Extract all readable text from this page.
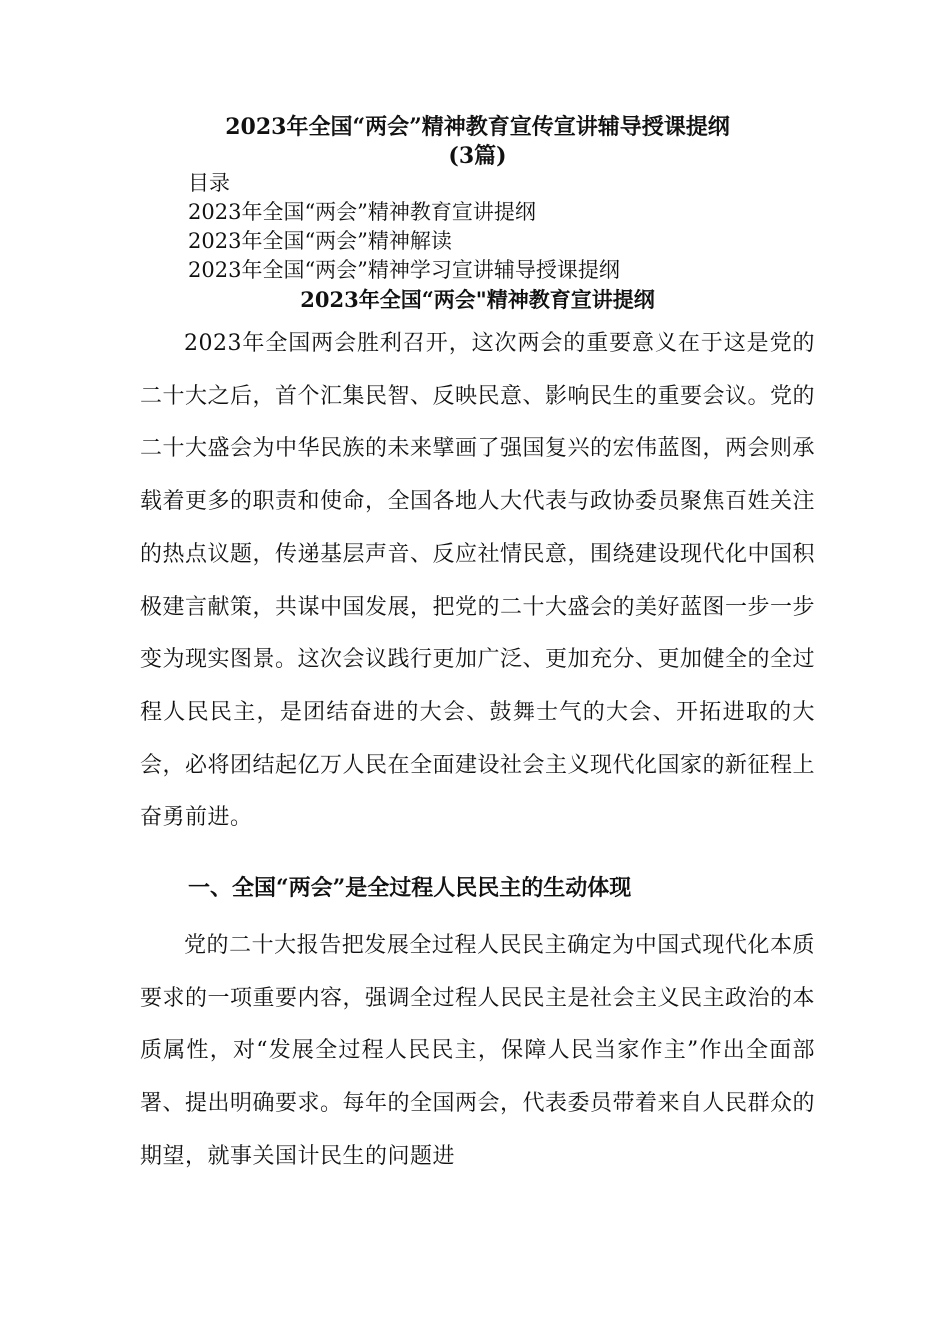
2023年全国“两会”精神教育宣传宣讲辅导授课提纲
(3篇)
目录
2023年全国“两会”精神教育宣讲提纲
2023年全国“两会”精神解读
2023年全国“两会”精神学习宣讲辅导授课提纲
2023年全国“两会"精神教育宣讲提纲

2023年全国两会胜利召开，这次两会的重要意义在于这是党的二十大之后，首个汇集民智、反映民意、影响民生的重要会议。党的二十大盛会为中华民族的未来擘画了强国复兴的宏伟蓝图，两会则承载着更多的职责和使命，全国各地人大代表与政协委员聚焦百姓关注的热点议题，传递基层声音、反应社情民意，围绕建设现代化中国积极建言献策，共谋中国发展，把党的二十大盛会的美好蓝图一步一步变为现实图景。这次会议践行更加广泛、更加充分、更加健全的全过程人民民主，是团结奋进的大会、鼓舞士气的大会、开拓进取的大会，必将团结起亿万人民在全面建设社会主义现代化国家的新征程上奋勇前进。

一、全国“两会”是全过程人民民主的生动体现

党的二十大报告把发展全过程人民民主确定为中国式现代化本质要求的一项重要内容，强调全过程人民民主是社会主义民主政治的本质属性，对“发展全过程人民民主，保障人民当家作主”作出全面部署、提出明确要求。每年的全国两会，代表委员带着来自人民群众的期望，就事关国计民生的问题进
